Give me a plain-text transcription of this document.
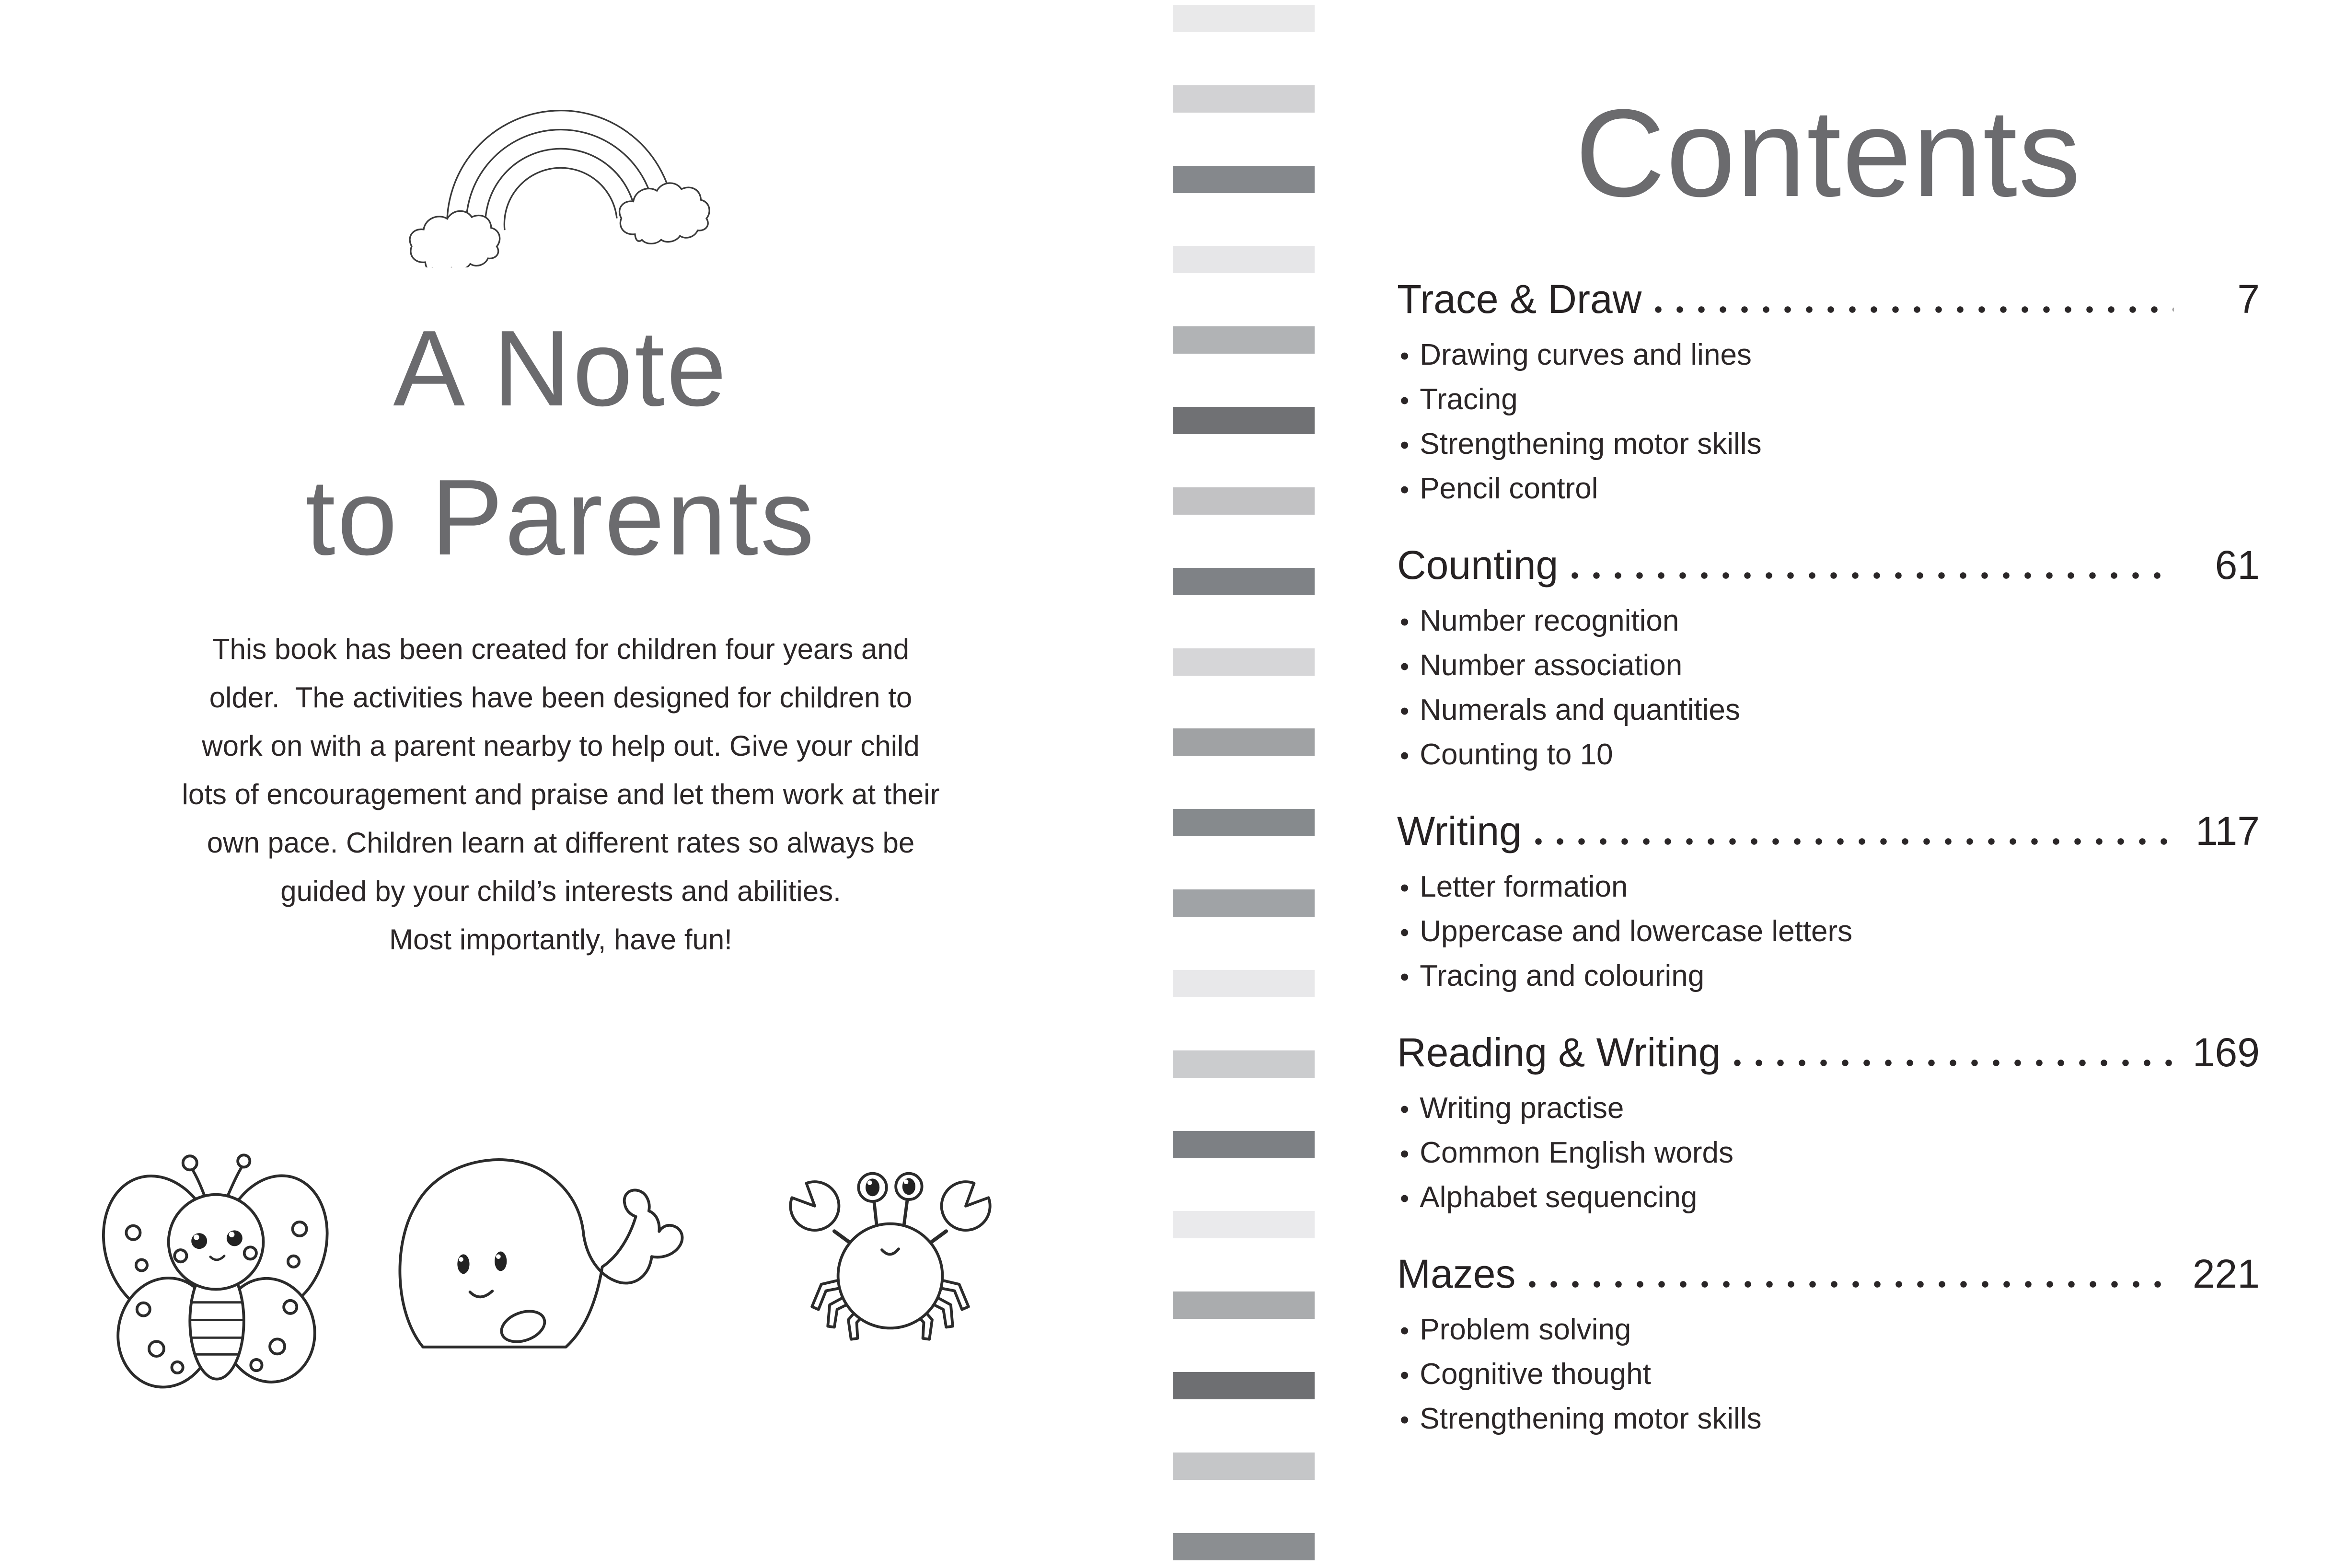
A Note
to Parents
This book has been created for children four years and
older.  The activities have been designed for children to
work on with a parent nearby to help out. Give your child
lots of encouragement and praise and let them work at their
own pace. Children learn at different rates so always be
guided by your child’s interests and abilities.
Most importantly, have fun!
Contents
Trace & Draw	7
• Drawing curves and lines
• Tracing
• Strengthening motor skills
• Pencil control
Counting	61
• Number recognition
• Number association
• Numerals and quantities
• Counting to 10
Writing	117
• Letter formation
• Uppercase and lowercase letters
• Tracing and colouring
Reading & Writing	169
• Writing practise
• Common English words
• Alphabet sequencing
Mazes	221
• Problem solving
• Cognitive thought
• Strengthening motor skills
